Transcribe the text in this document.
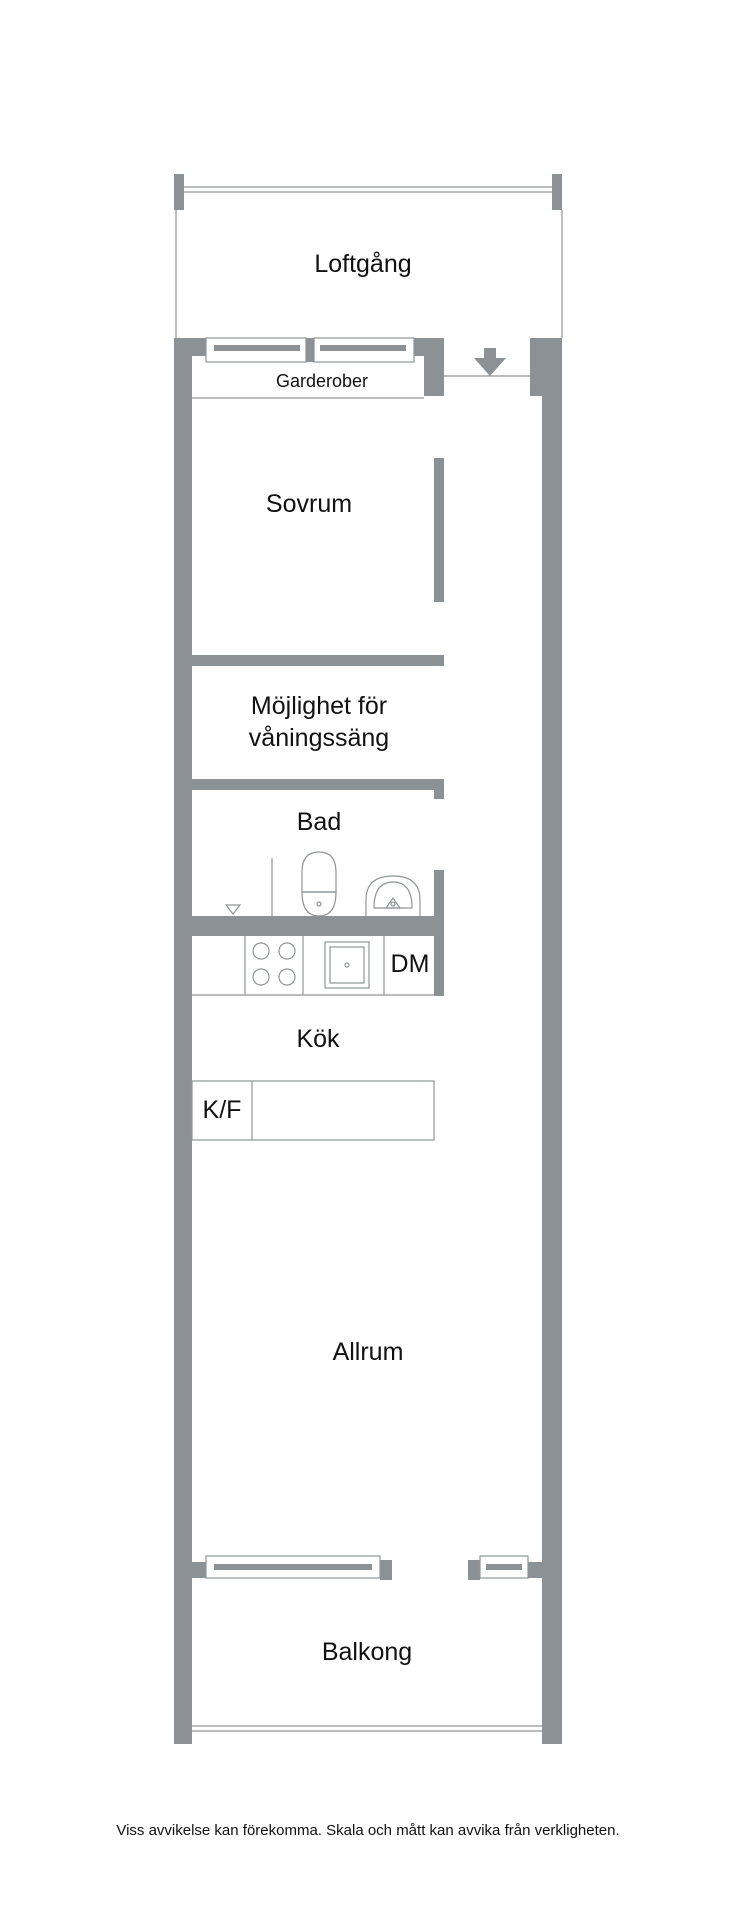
Loftgång
Garderober
Sovrum
Möjlighet för
våningssäng
Bad
DM
Kök
K/F
Allrum
Balkong
Viss avvikelse kan förekomma. Skala och mått kan avvika från verkligheten.
